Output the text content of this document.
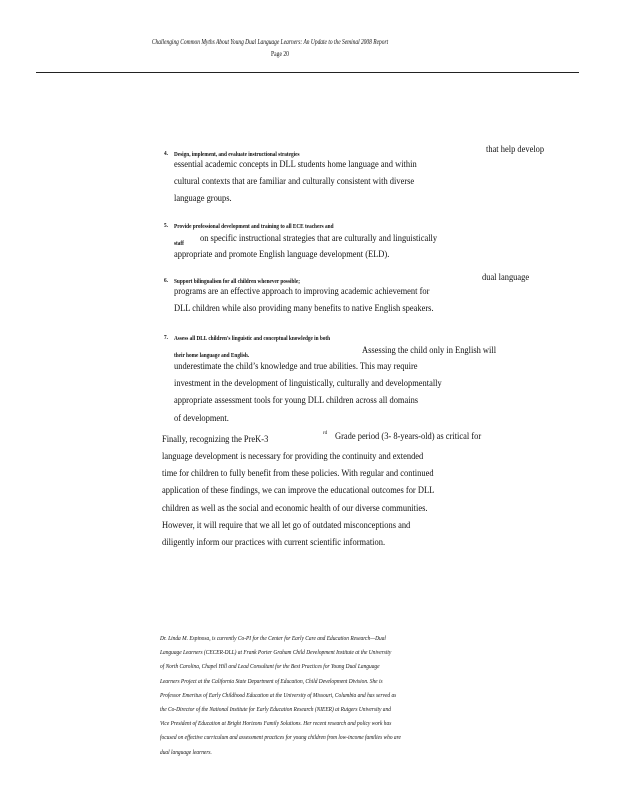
Challenging Common Myths About Young Dual Language Learners: An Update to the Seminal 2008 Report
Page 20
4. Design, implement, and evaluate instructional strategies	that help develop
essential academic concepts in DLL students home language and within
cultural contexts that are familiar and culturally consistent with diverse
language groups.
5. Provide professional development and training to all ECE teachers and
staff on specific instructional strategies that are culturally and linguistically
appropriate and promote English language development (ELD).
6. Support bilingualism for all children whenever possible;	dual language
programs are an effective approach to improving academic achievement for
DLL children while also providing many benefits to native English speakers.
7. Assess all DLL children's linguistic and conceptual knowledge in both
their home language and English.	Assessing the child only in English will
underestimate the child’s knowledge and true abilities. This may require
investment in the development of linguistically, culturally and developmentally
appropriate assessment tools for young DLL children across all domains
of development.
Finally, recognizing the PreK-3
rd Grade period (3- 8-years-old) as critical for
language development is necessary for providing the continuity and extended
time for children to fully benefit from these policies. With regular and continued
application of these findings, we can improve the educational outcomes for DLL
children as well as the social and economic health of our diverse communities.
However, it will require that we all let go of outdated misconceptions and
diligently inform our practices with current scientific information.
Dr. Linda M. Espinosa, is currently Co-PI for the Center for Early Care and Education Research—Dual
Language Learners (CECER-DLL) at Frank Porter Graham Child Development Institute at the University
of North Carolina, Chapel Hill and Lead Consultant for the Best Practices for Young Dual Language
Learners Project at the California State Department of Education, Child Development Division. She is
Professor Emeritus of Early Childhood Education at the University of Missouri, Columbia and has served as
the Co-Director of the National Institute for Early Education Research (NIEER) at Rutgers University and
Vice President of Education at Bright Horizons Family Solutions. Her recent research and policy work has
focused on effective curriculum and assessment practices for young children from low-income families who are
dual language learners.
